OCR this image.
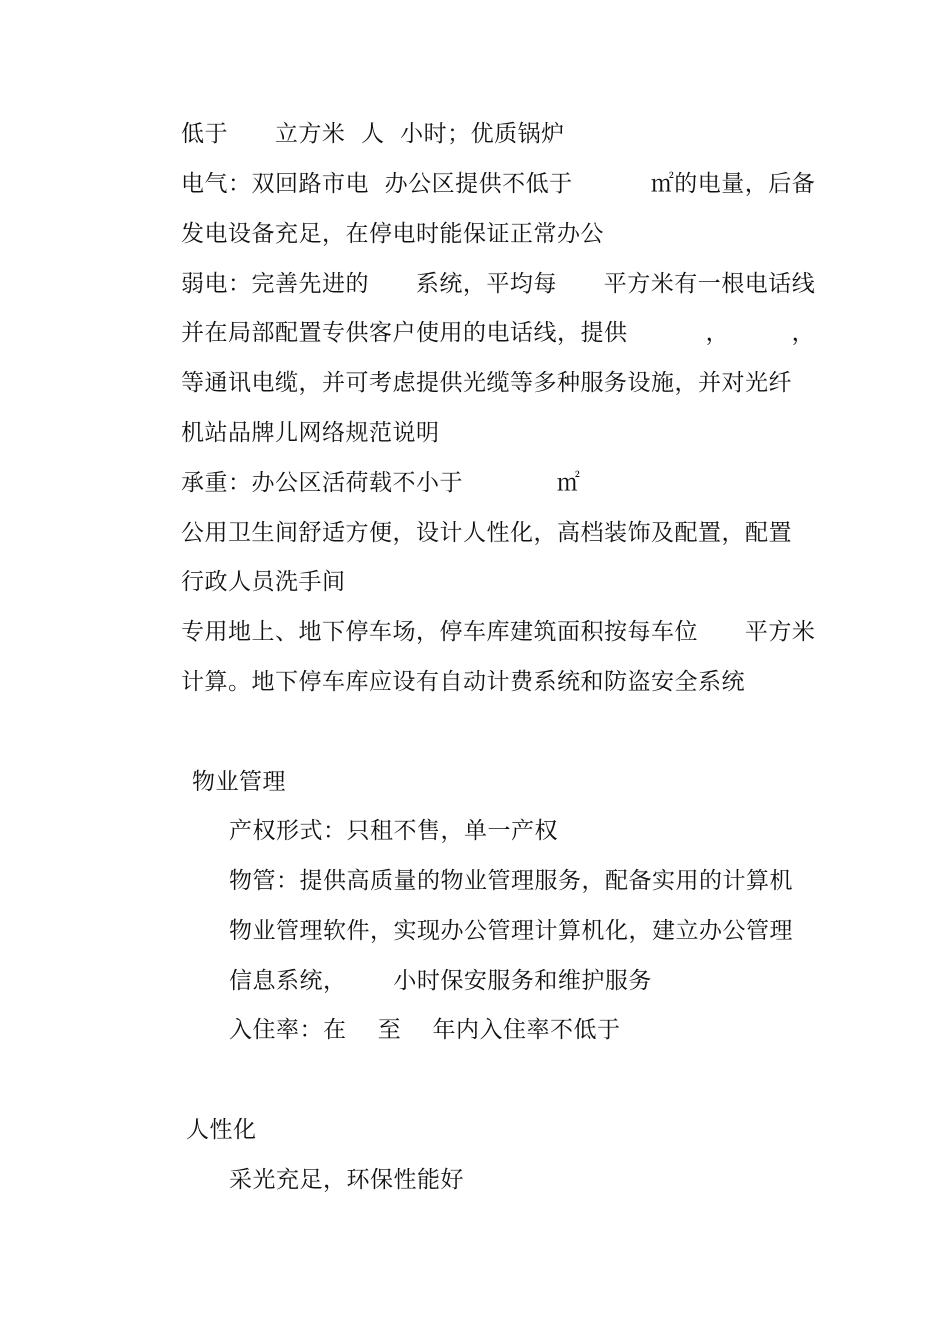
低于      立方米  人  小时；优质锅炉
电气：双回路市电  办公区提供不低于          ㎡的电量，后备
发电设备充足，在停电时能保证正常办公
弱电：完善先进的      系统，平均每      平方米有一根电话线
并在局部配置专供客户使用的电话线，提供          ，        ，
等通讯电缆，并可考虑提供光缆等多种服务设施，并对光纤
机站品牌儿网络规范说明
承重：办公区活荷载不小于            ㎡
公用卫生间舒适方便，设计人性化，高档装饰及配置，配置
行政人员洗手间
专用地上、地下停车场，停车库建筑面积按每车位      平方米
计算。地下停车库应设有自动计费系统和防盗安全系统
物业管理
产权形式：只租不售，单一产权
物管：提供高质量的物业管理服务，配备实用的计算机
物业管理软件，实现办公管理计算机化，建立办公管理
信息系统，      小时保安服务和维护服务
入住率：在    至    年内入住率不低于
人性化
采光充足，环保性能好
